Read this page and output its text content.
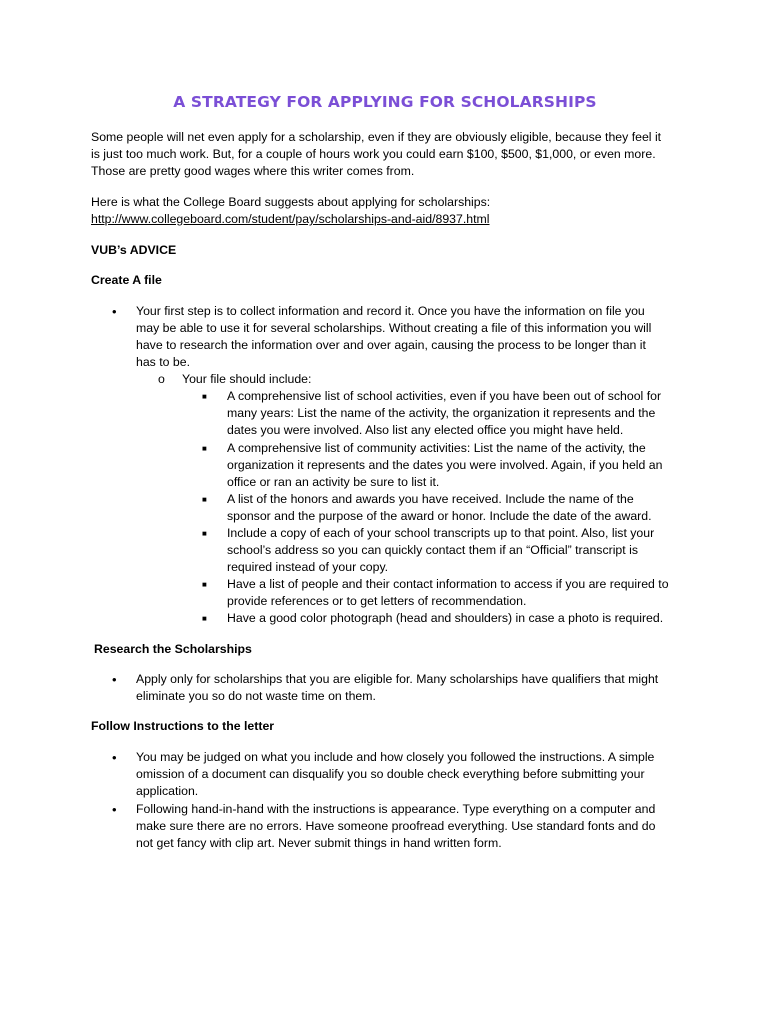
A STRATEGY FOR APPLYING FOR SCHOLARSHIPS
Some people will net even apply for a scholarship, even if they are obviously eligible, because they feel it
is just too much work. But, for a couple of hours work you could earn $100, $500, $1,000, or even more.
Those are pretty good wages where this writer comes from.
Here is what the College Board suggests about applying for scholarships:
http://www.collegeboard.com/student/pay/scholarships-and-aid/8937.html
VUB’s ADVICE
Create A file
• Your first step is to collect information and record it. Once you have the information on file you
may be able to use it for several scholarships. Without creating a file of this information you will
have to research the information over and over again, causing the process to be longer than it
has to be.
o Your file should include:
■ A comprehensive list of school activities, even if you have been out of school for
many years: List the name of the activity, the organization it represents and the
dates you were involved. Also list any elected office you might have held.
■ A comprehensive list of community activities: List the name of the activity, the
organization it represents and the dates you were involved. Again, if you held an
office or ran an activity be sure to list it.
■ A list of the honors and awards you have received. Include the name of the
sponsor and the purpose of the award or honor. Include the date of the award.
■ Include a copy of each of your school transcripts up to that point. Also, list your
school’s address so you can quickly contact them if an “Official” transcript is
required instead of your copy.
■ Have a list of people and their contact information to access if you are required to
provide references or to get letters of recommendation.
■ Have a good color photograph (head and shoulders) in case a photo is required.
Research the Scholarships
• Apply only for scholarships that you are eligible for. Many scholarships have qualifiers that might
eliminate you so do not waste time on them.
Follow Instructions to the letter
• You may be judged on what you include and how closely you followed the instructions. A simple
omission of a document can disqualify you so double check everything before submitting your
application.
• Following hand-in-hand with the instructions is appearance. Type everything on a computer and
make sure there are no errors. Have someone proofread everything. Use standard fonts and do
not get fancy with clip art. Never submit things in hand written form.
